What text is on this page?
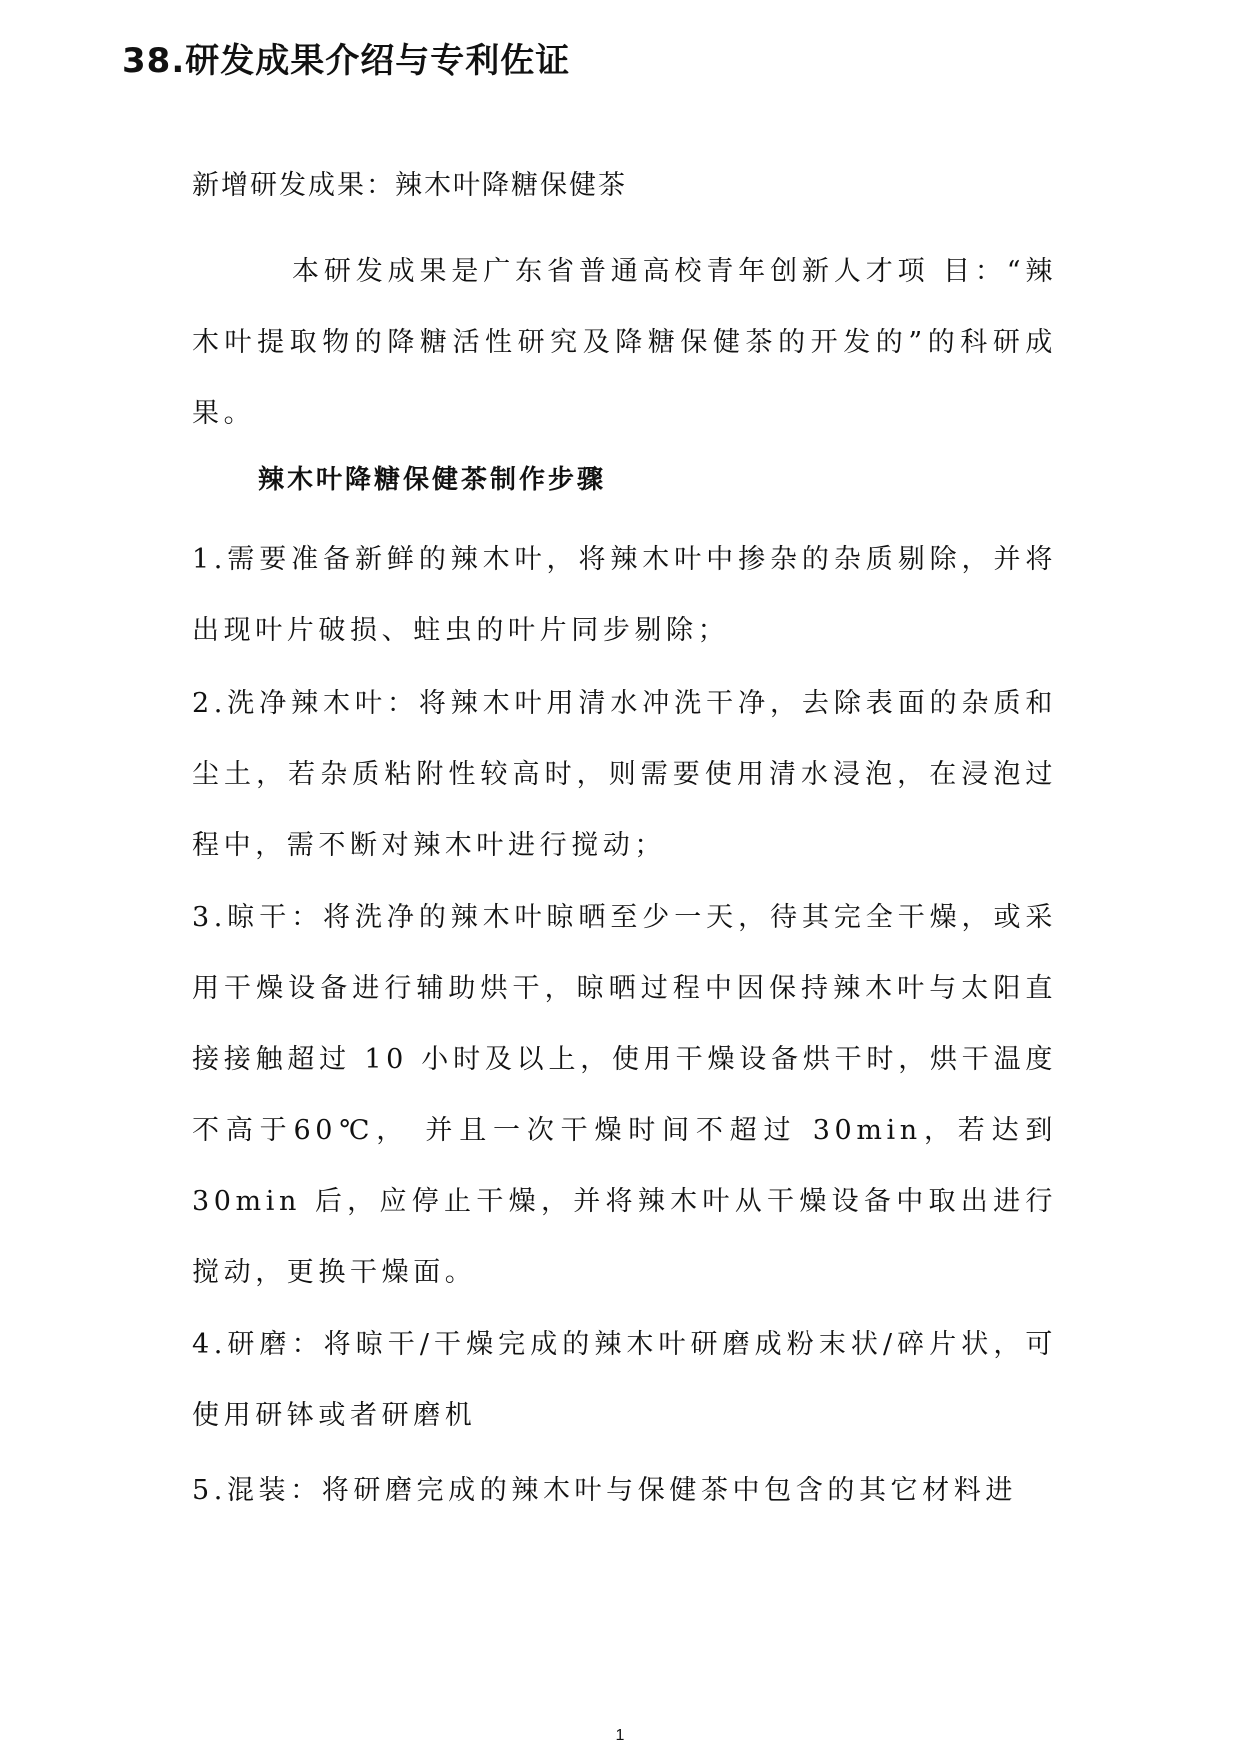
38.研发成果介绍与专利佐证

新增研发成果：辣木叶降糖保健茶

本研发成果是广东省普通高校青年创新人才项 目：“辣木叶提取物的降糖活性研究及降糖保健茶的开发的”的科研成果。

辣木叶降糖保健茶制作步骤

1.需要准备新鲜的辣木叶，将辣木叶中掺杂的杂质剔除，并将出现叶片破损、蛀虫的叶片同步剔除；

2.洗净辣木叶：将辣木叶用清水冲洗干净，去除表面的杂质和尘土，若杂质粘附性较高时，则需要使用清水浸泡，在浸泡过程中，需不断对辣木叶进行搅动；

3.晾干：将洗净的辣木叶晾晒至少一天，待其完全干燥，或采用干燥设备进行辅助烘干，晾晒过程中因保持辣木叶与太阳直接接触超过 10 小时及以上，使用干燥设备烘干时，烘干温度不高于60℃， 并且一次干燥时间不超过 30min，若达到 30min 后，应停止干燥，并将辣木叶从干燥设备中取出进行搅动，更换干燥面。

4.研磨：将晾干/干燥完成的辣木叶研磨成粉末状/碎片状，可使用研钵或者研磨机

5.混装：将研磨完成的辣木叶与保健茶中包含的其它材料进

1
